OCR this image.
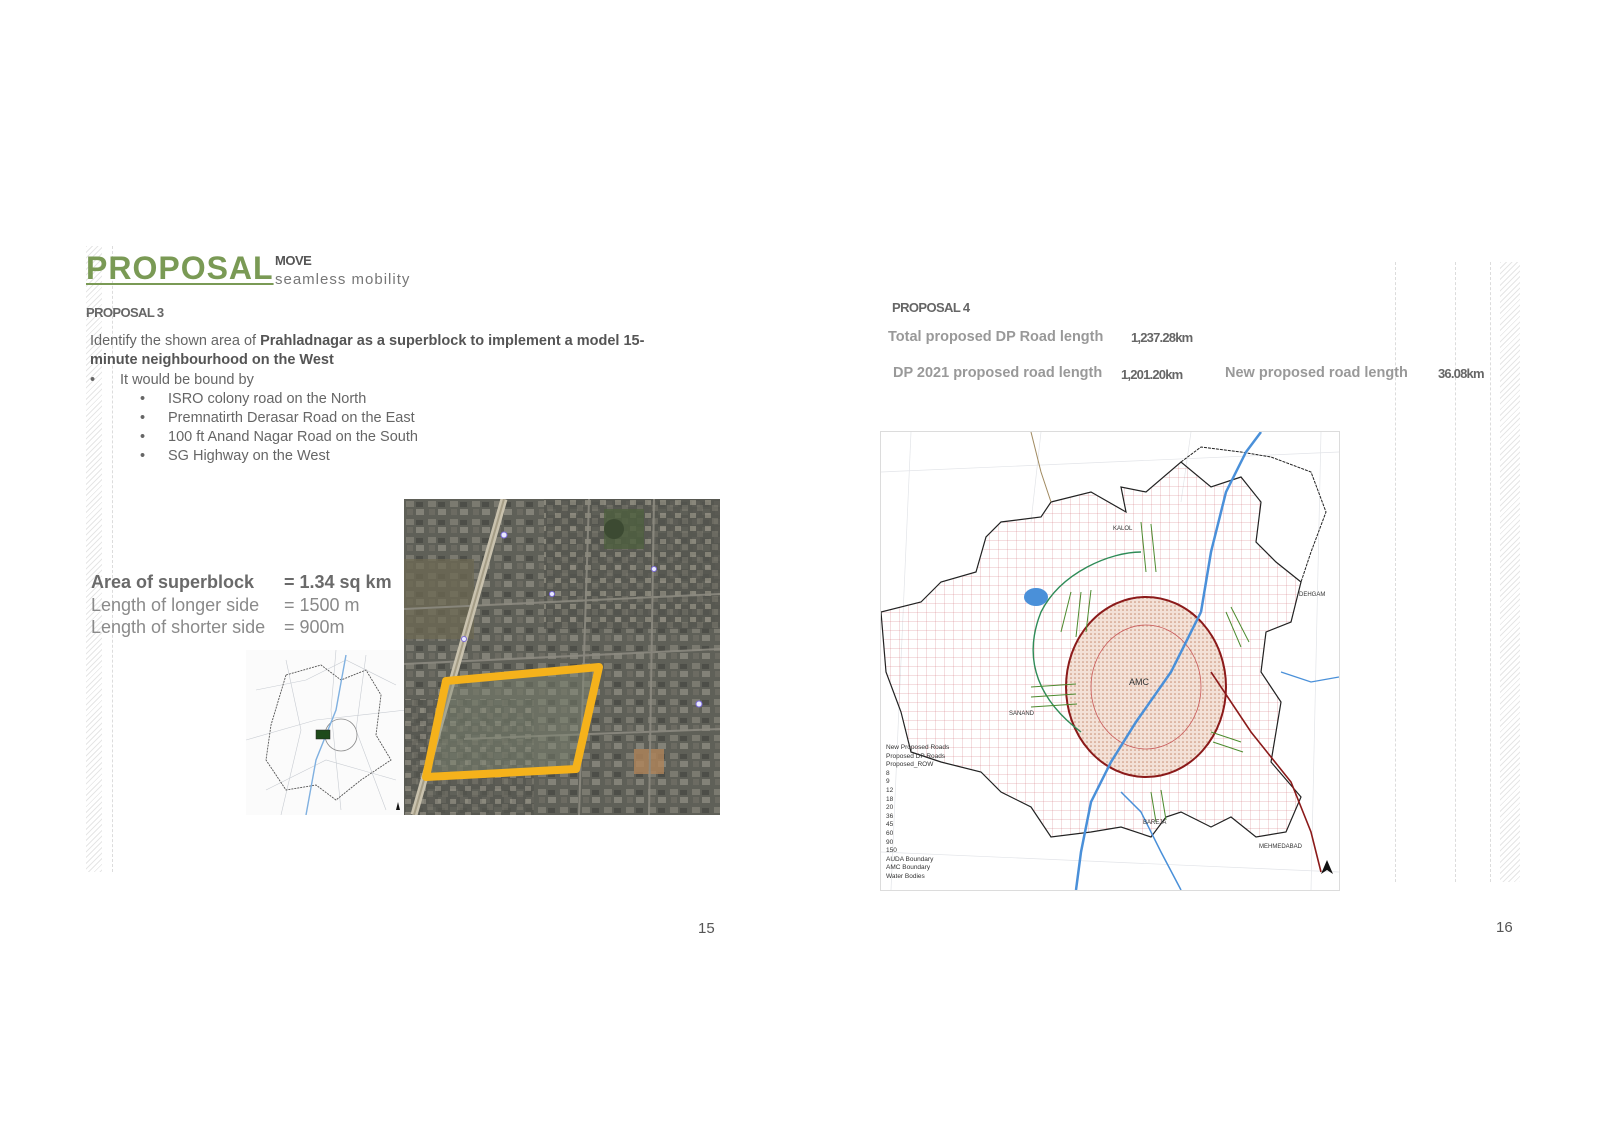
PROPOSAL MOVE
seamless mobility
PROPOSAL 3
Identify the shown area of Prahladnagar as a superblock to implement a model 15-minute neighbourhood on the West
• It would be bound by
• ISRO colony road on the North
• Premnatirth Derasar Road on the East
• 100 ft Anand Nagar Road on the South
• SG Highway on the West
Area of superblock = 1.34 sq km
Length of longer side = 1500 m
Length of shorter side = 900m
PROPOSAL 4
Total proposed DP Road length 1,237.28km
DP 2021 proposed road length 1,201.20km	New proposed road length 36.08km
AMC
KALOL
DEHGAM
SANAND
BAREJA
MEHMEDABAD
New Proposed Roads
Proposed DP Roads
Proposed_ROW
8
9
12
18
20
36
45
60
90
150
AUDA Boundary
AMC Boundary
Water Bodies
15	16
